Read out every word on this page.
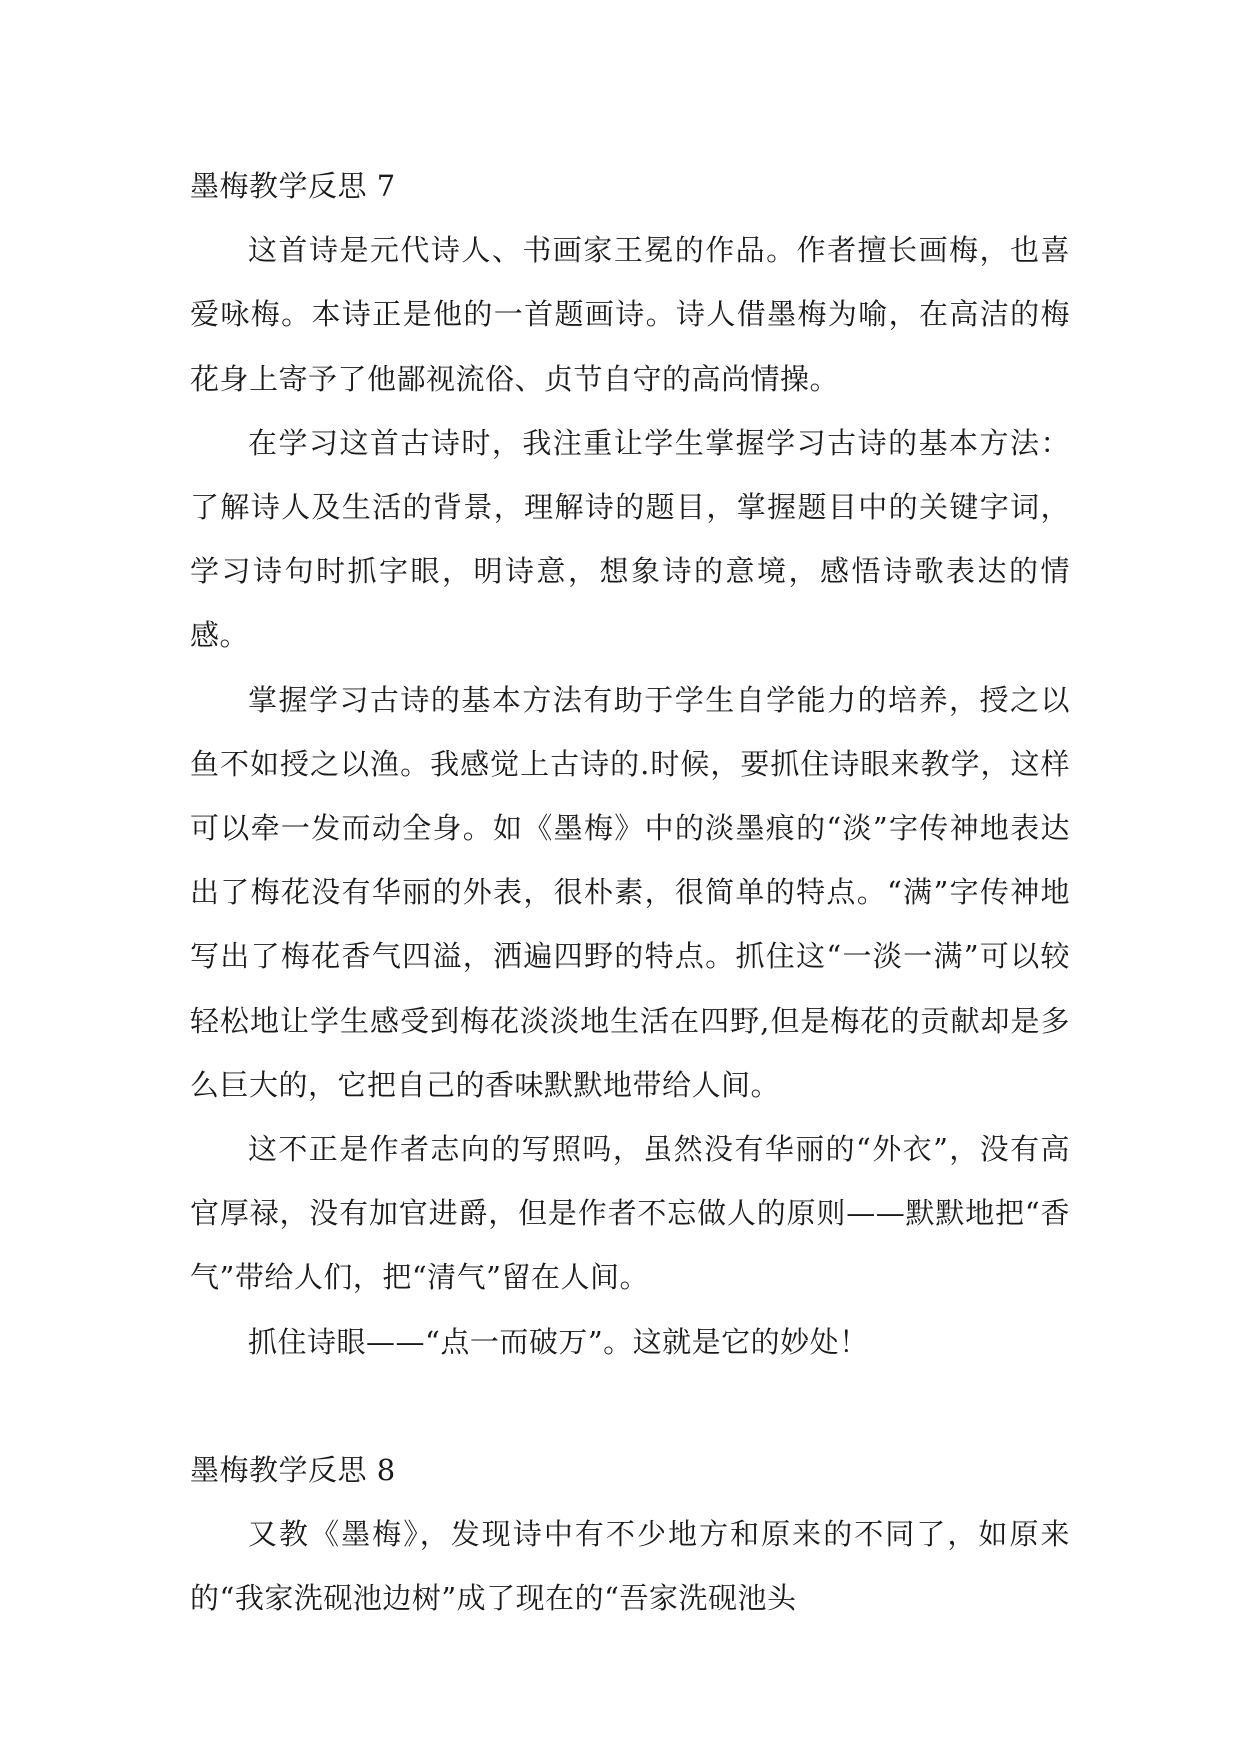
墨梅教学反思 7

这首诗是元代诗人、书画家王冕的作品。作者擅长画梅，也喜爱咏梅。本诗正是他的一首题画诗。诗人借墨梅为喻，在高洁的梅花身上寄予了他鄙视流俗、贞节自守的高尚情操。

在学习这首古诗时，我注重让学生掌握学习古诗的基本方法：了解诗人及生活的背景，理解诗的题目，掌握题目中的关键字词，学习诗句时抓字眼，明诗意，想象诗的意境，感悟诗歌表达的情感。

掌握学习古诗的基本方法有助于学生自学能力的培养，授之以鱼不如授之以渔。我感觉上古诗的.时候，要抓住诗眼来教学，这样可以牵一发而动全身。如《墨梅》中的淡墨痕的“淡”字传神地表达出了梅花没有华丽的外表，很朴素，很简单的特点。“满”字传神地写出了梅花香气四溢，洒遍四野的特点。抓住这“一淡一满”可以较轻松地让学生感受到梅花淡淡地生活在四野,但是梅花的贡献却是多么巨大的，它把自己的香味默默地带给人间。

这不正是作者志向的写照吗，虽然没有华丽的“外衣”，没有高官厚禄，没有加官进爵，但是作者不忘做人的原则——默默地把“香气”带给人们，把“清气”留在人间。

抓住诗眼——“点一而破万”。这就是它的妙处！

墨梅教学反思 8

又教《墨梅》，发现诗中有不少地方和原来的不同了，如原来的“我家洗砚池边树”成了现在的“吾家洗砚池头
